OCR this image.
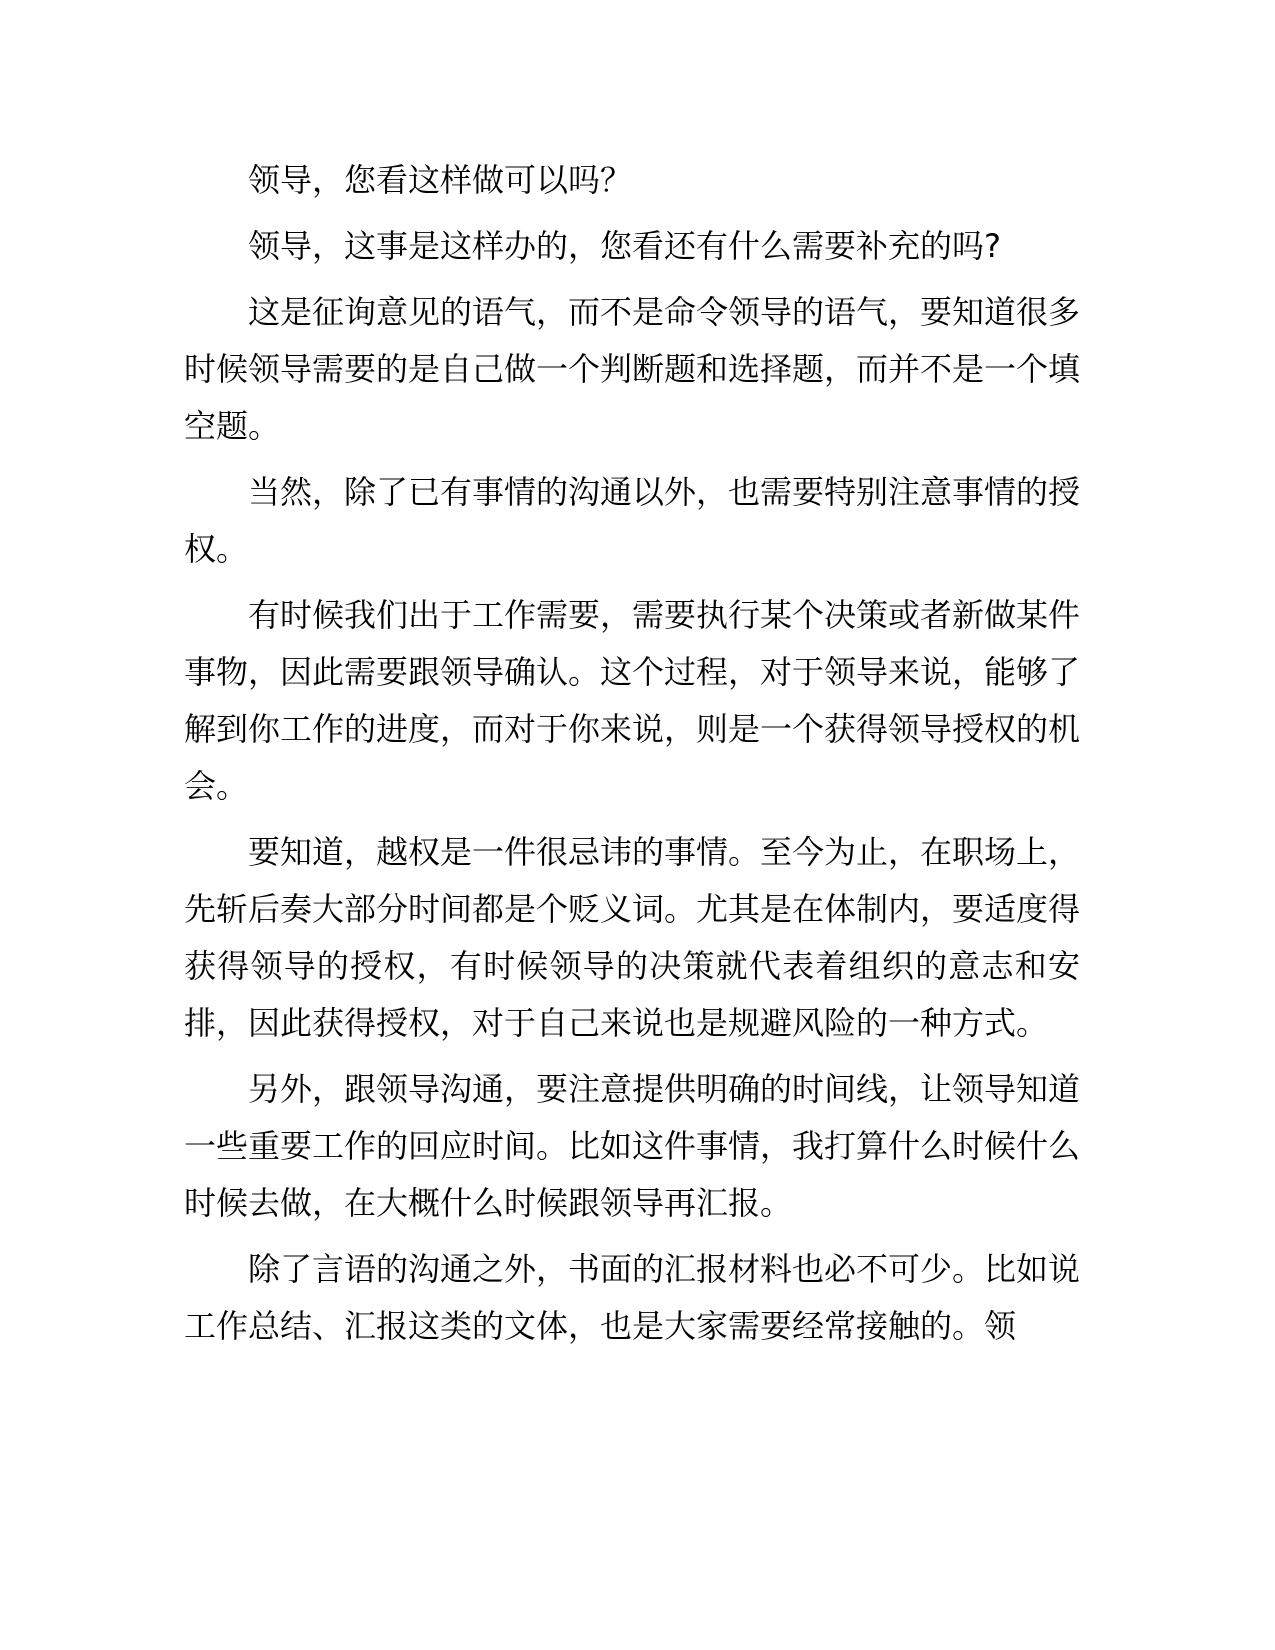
领导，您看这样做可以吗？

领导，这事是这样办的，您看还有什么需要补充的吗?

这是征询意见的语气，而不是命令领导的语气，要知道很多时候领导需要的是自己做一个判断题和选择题，而并不是一个填空题。

当然，除了已有事情的沟通以外，也需要特别注意事情的授权。

有时候我们出于工作需要，需要执行某个决策或者新做某件事物，因此需要跟领导确认。这个过程，对于领导来说，能够了解到你工作的进度，而对于你来说，则是一个获得领导授权的机会。

要知道，越权是一件很忌讳的事情。至今为止，在职场上，先斩后奏大部分时间都是个贬义词。尤其是在体制内，要适度得获得领导的授权，有时候领导的决策就代表着组织的意志和安排，因此获得授权，对于自己来说也是规避风险的一种方式。

另外，跟领导沟通，要注意提供明确的时间线，让领导知道一些重要工作的回应时间。比如这件事情，我打算什么时候什么时候去做，在大概什么时候跟领导再汇报。

除了言语的沟通之外，书面的汇报材料也必不可少。比如说工作总结、汇报这类的文体，也是大家需要经常接触的。领
